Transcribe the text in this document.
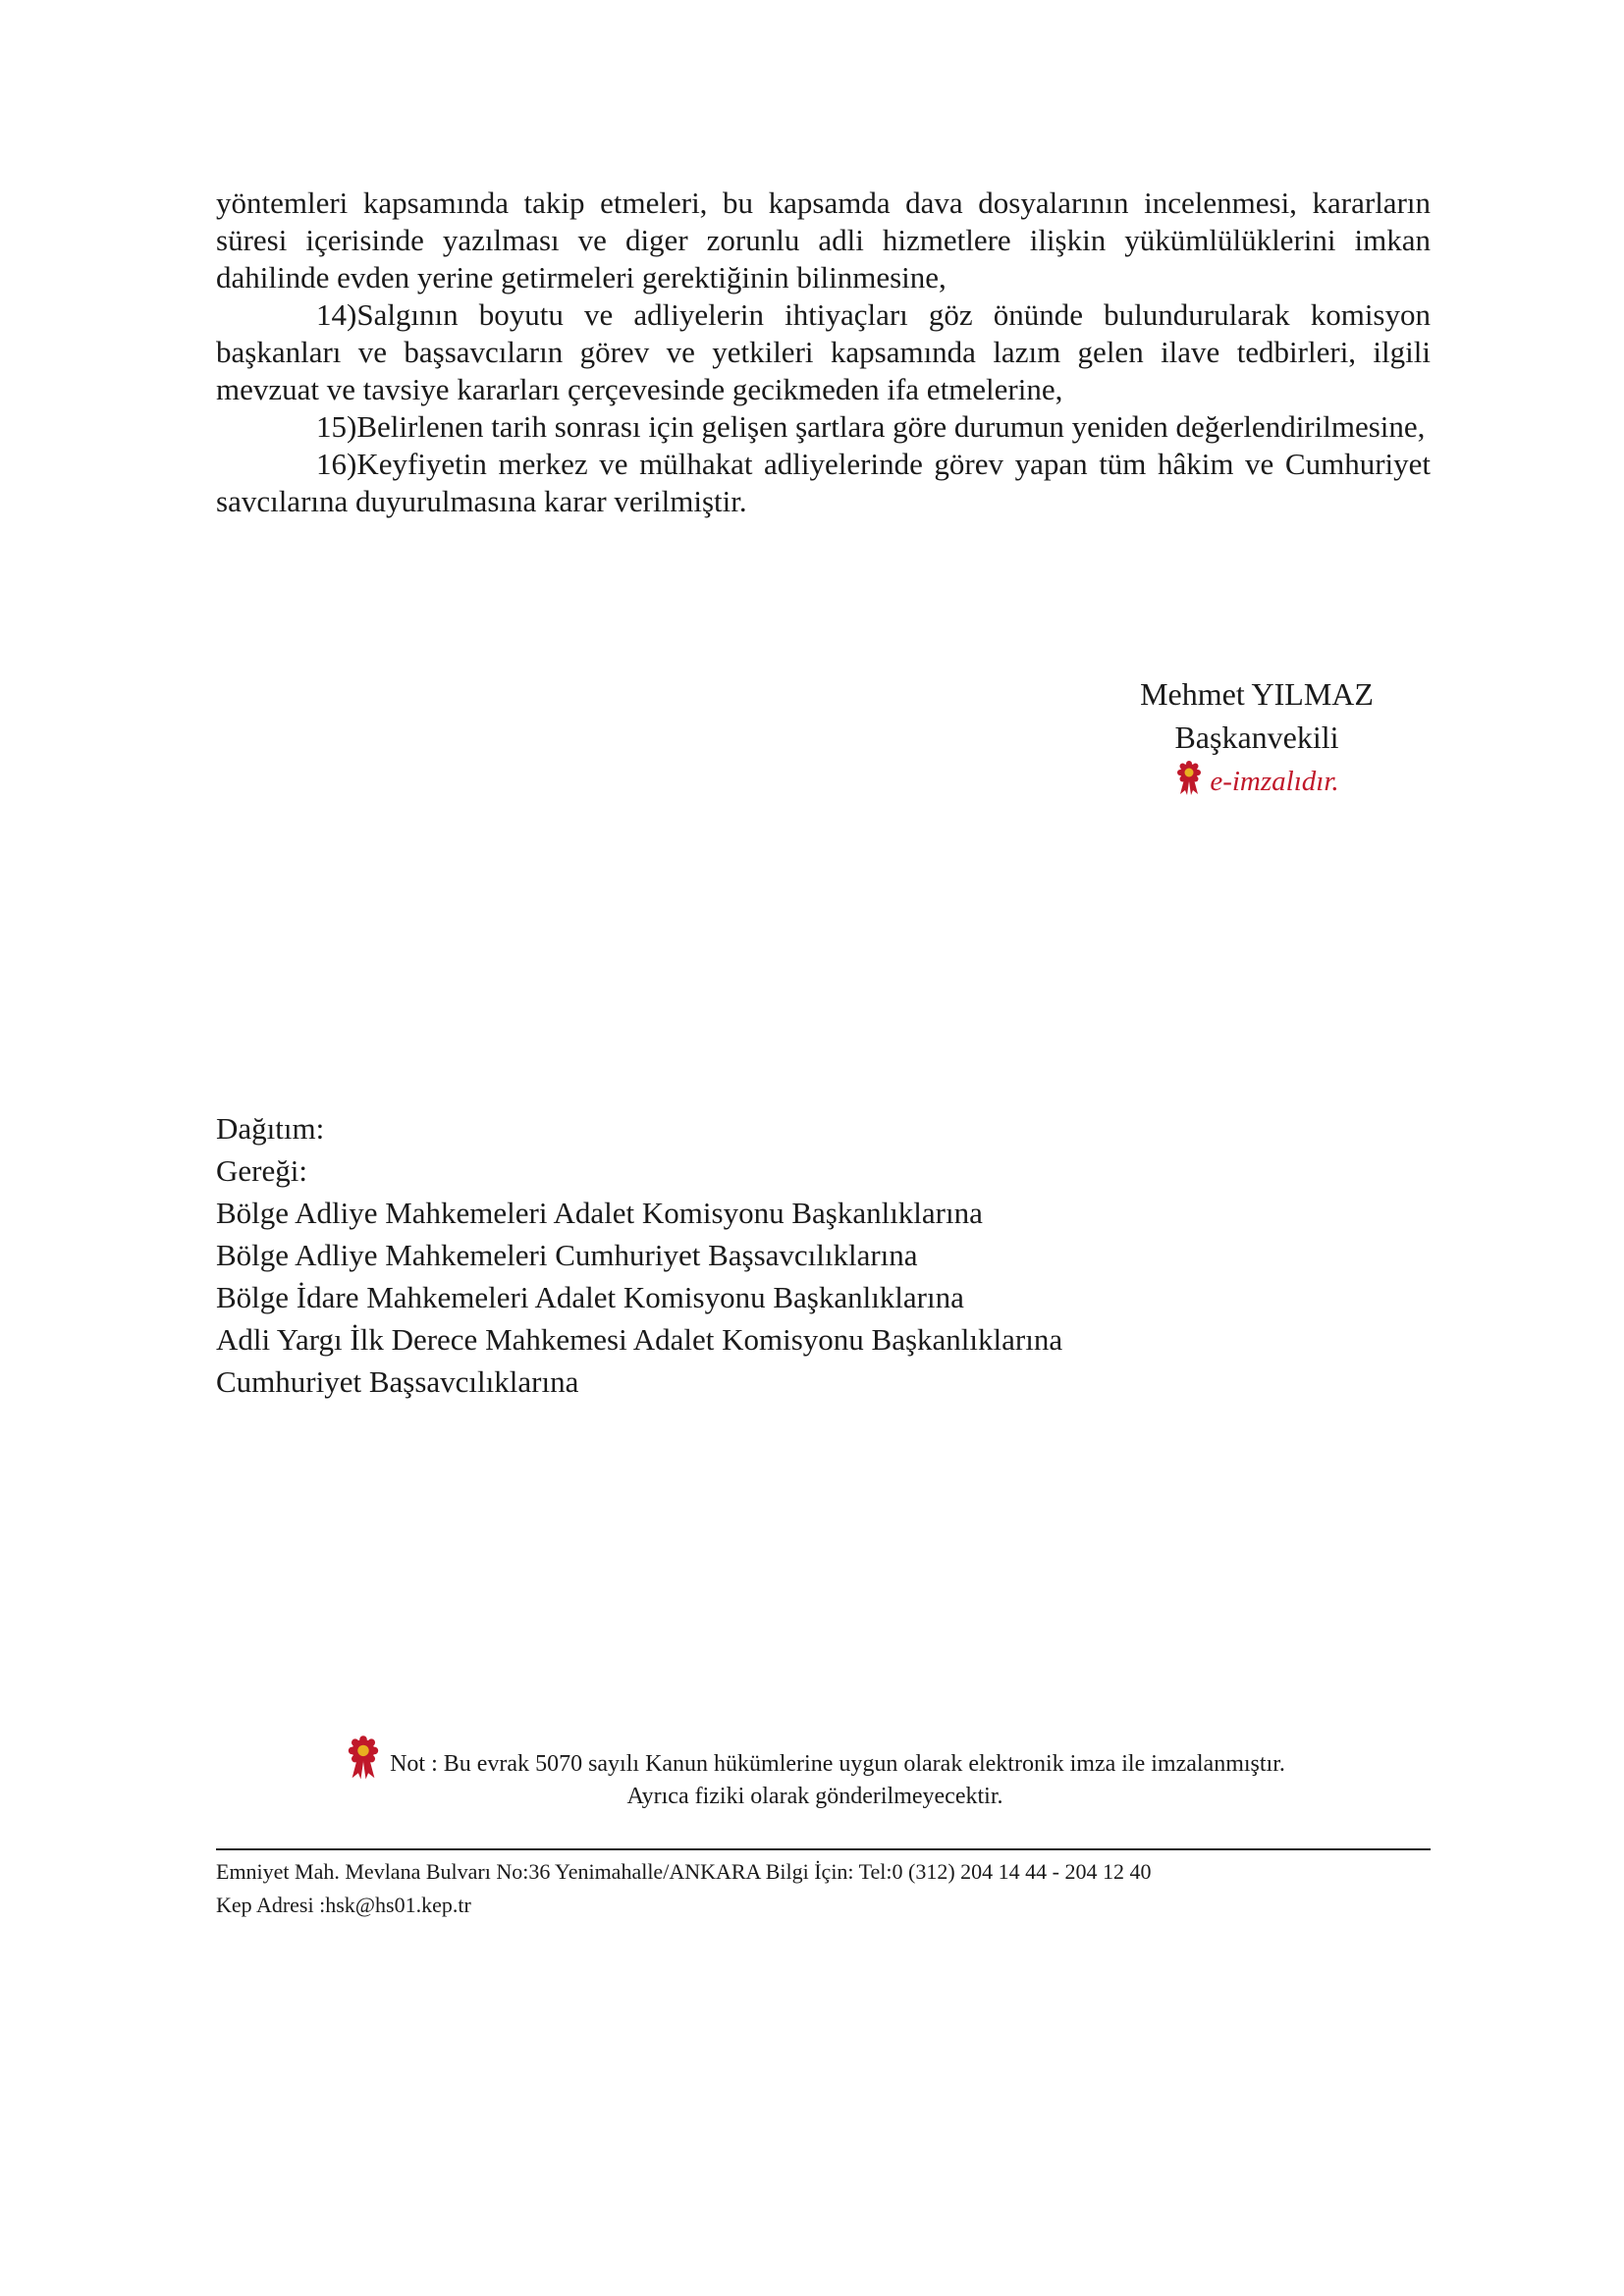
yöntemleri kapsamında takip etmeleri, bu kapsamda dava dosyalarının incelenmesi, kararların süresi içerisinde yazılması ve diger zorunlu adli hizmetlere ilişkin yükümlülüklerini imkan dahilinde evden yerine getirmeleri gerektiğinin bilinmesine,

14)Salgının boyutu ve adliyelerin ihtiyaçları göz önünde bulundurularak komisyon başkanları ve başsavcıların görev ve yetkileri kapsamında lazım gelen ilave tedbirleri, ilgili mevzuat ve tavsiye kararları çerçevesinde gecikmeden ifa etmelerine,

15)Belirlenen tarih sonrası için gelişen şartlara göre durumun yeniden değerlendirilmesine,

16)Keyfiyetin merkez ve mülhakat adliyelerinde görev yapan tüm hâkim ve Cumhuriyet savcılarına duyurulmasına karar verilmiştir.

Mehmet YILMAZ
Başkanvekili
e-imzalıdır.
Dağıtım:
Gereği:
Bölge Adliye Mahkemeleri Adalet Komisyonu Başkanlıklarına
Bölge Adliye Mahkemeleri Cumhuriyet Başsavcılıklarına
Bölge İdare Mahkemeleri Adalet Komisyonu Başkanlıklarına
Adli Yargı İlk Derece Mahkemesi Adalet Komisyonu Başkanlıklarına
Cumhuriyet Başsavcılıklarına
Not : Bu evrak 5070 sayılı Kanun hükümlerine uygun olarak elektronik imza ile imzalanmıştır.
Ayrıca fiziki olarak gönderilmeyecektir.
Emniyet Mah. Mevlana Bulvarı No:36 Yenimahalle/ANKARA Bilgi İçin: Tel:0 (312) 204 14 44 - 204 12 40
Kep Adresi :hsk@hs01.kep.tr
